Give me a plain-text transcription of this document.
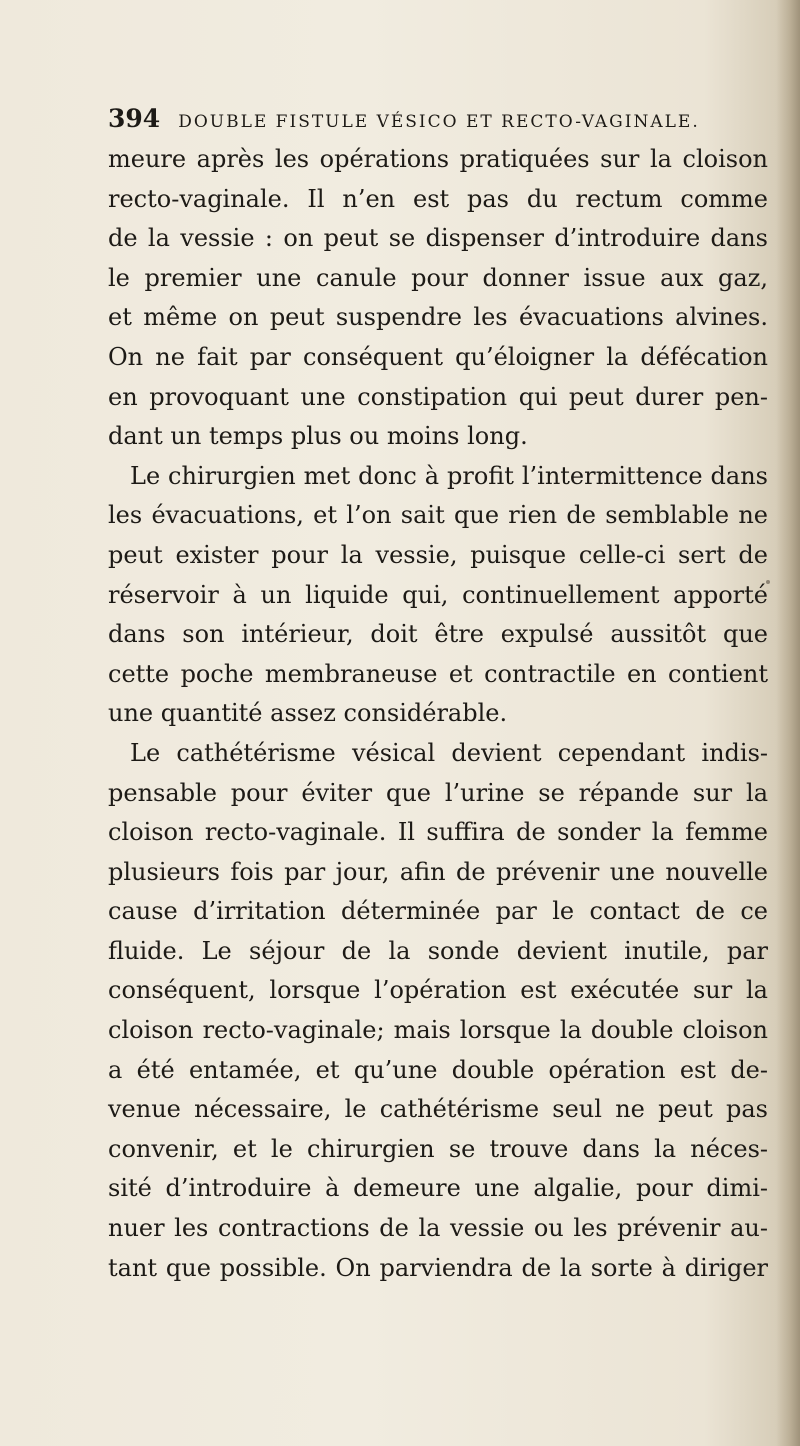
394 DOUBLE FISTULE VÉSICO ET RECTO-VAGINALE.
meure après les opérations pratiquées sur la cloison
recto-vaginale. Il n’en est pas du rectum comme
de la vessie : on peut se dispenser d’introduire dans
le premier une canule pour donner issue aux gaz,
et même on peut suspendre les évacuations alvines.
On ne fait par conséquent qu’éloigner la défécation
en provoquant une constipation qui peut durer pen-
dant un temps plus ou moins long.
Le chirurgien met donc à profit l’intermittence dans
les évacuations, et l’on sait que rien de semblable ne
peut exister pour la vessie, puisque celle-ci sert de
réservoir à un liquide qui, continuellement apporté
dans son intérieur, doit être expulsé aussitôt que
cette poche membraneuse et contractile en contient
une quantité assez considérable.
Le cathétérisme vésical devient cependant indis-
pensable pour éviter que l’urine se répande sur la
cloison recto-vaginale. Il suffira de sonder la femme
plusieurs fois par jour, afin de prévenir une nouvelle
cause d’irritation déterminée par le contact de ce
fluide. Le séjour de la sonde devient inutile, par
conséquent, lorsque l’opération est exécutée sur la
cloison recto-vaginale; mais lorsque la double cloison
a été entamée, et qu’une double opération est de-
venue nécessaire, le cathétérisme seul ne peut pas
convenir, et le chirurgien se trouve dans la néces-
sité d’introduire à demeure une algalie, pour dimi-
nuer les contractions de la vessie ou les prévenir au-
tant que possible. On parviendra de la sorte à diriger
